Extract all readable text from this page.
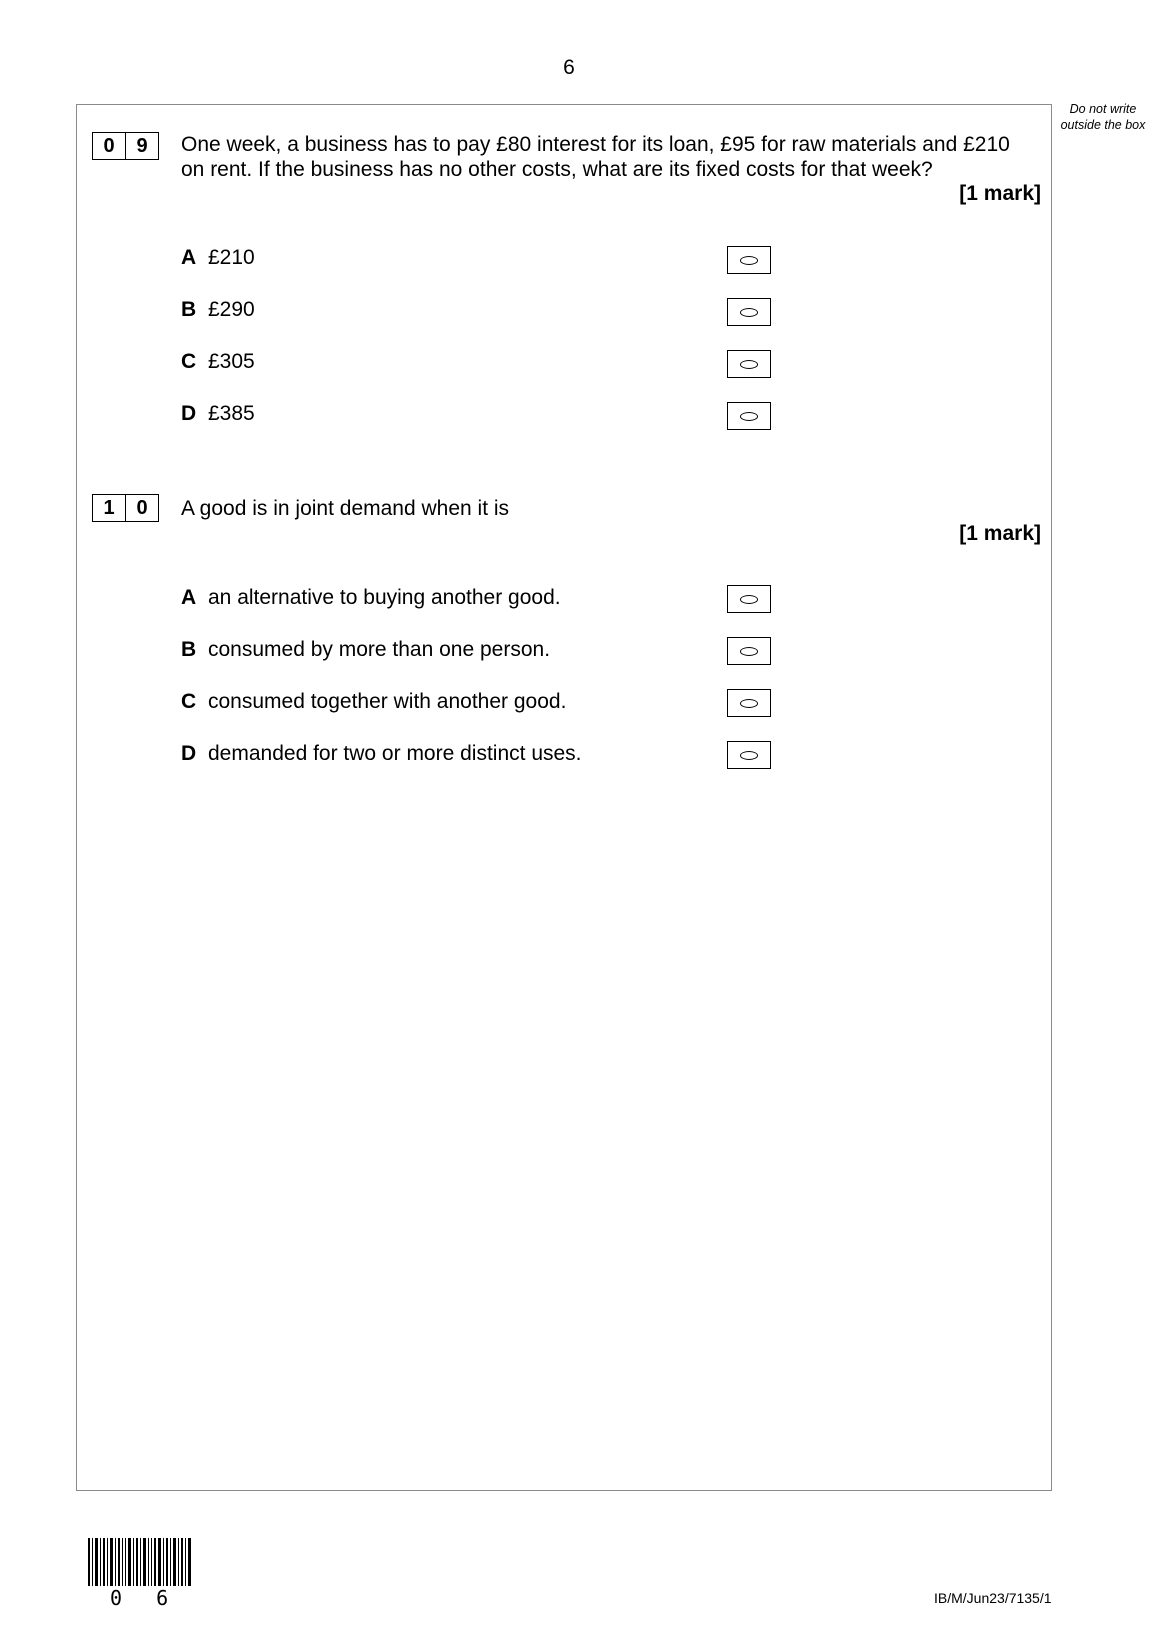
6
Do not write outside the box
0	9	One week, a business has to pay £80 interest for its loan, £95 for raw materials and £210 on rent. If the business has no other costs, what are its fixed costs for that week?
[1 mark]
A £210
B £290
C £305
D £385
1	0	A good is in joint demand when it is
[1 mark]
A an alternative to buying another good.
B consumed by more than one person.
C consumed together with another good.
D demanded for two or more distinct uses.
0 6	IB/M/Jun23/7135/1
